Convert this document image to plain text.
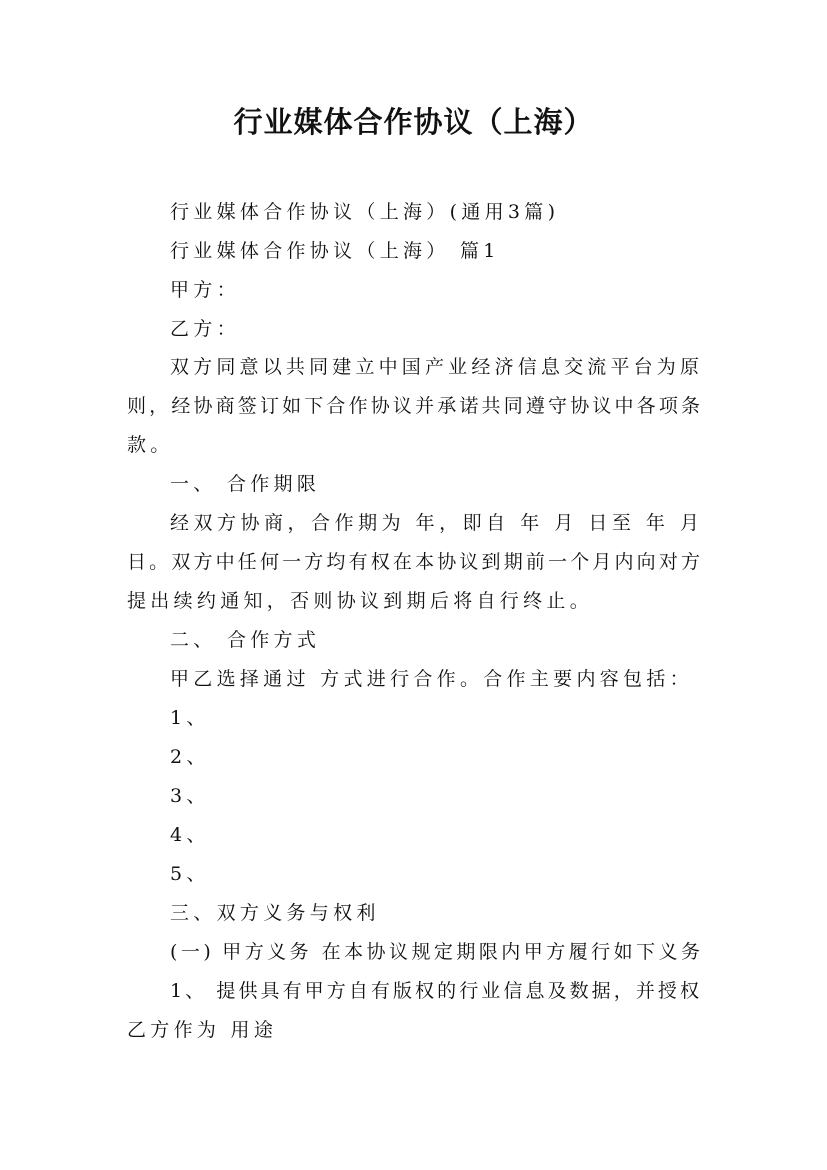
行业媒体合作协议（上海）
行业媒体合作协议（上海）(通用3篇)
行业媒体合作协议（上海） 篇1
甲方：
乙方：
双方同意以共同建立中国产业经济信息交流平台为原
则，经协商签订如下合作协议并承诺共同遵守协议中各项条
款。
一、 合作期限
经双方协商，合作期为 年，即自 年 月 日至 年 月
日。双方中任何一方均有权在本协议到期前一个月内向对方
提出续约通知，否则协议到期后将自行终止。
二、 合作方式
甲乙选择通过 方式进行合作。合作主要内容包括：
1、
2、
3、
4、
5、
三、双方义务与权利
(一) 甲方义务 在本协议规定期限内甲方履行如下义务
1、 提供具有甲方自有版权的行业信息及数据，并授权
乙方作为 用途
